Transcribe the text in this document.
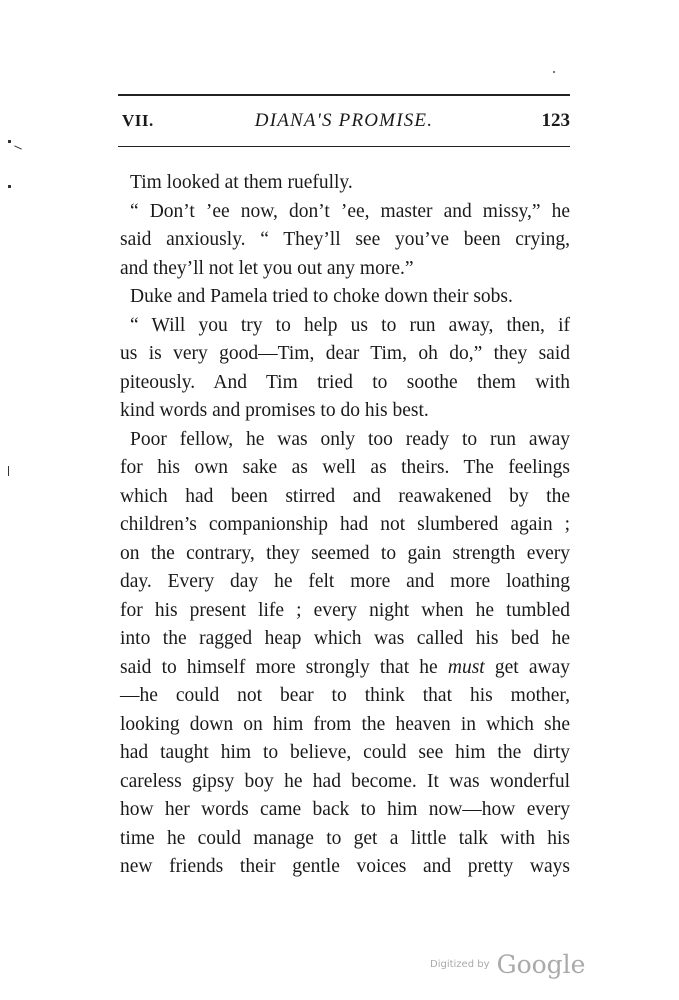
VII.	DIANA'S PROMISE.	123
Tim looked at them ruefully.
“ Don’t ’ee now, don’t ’ee, master and missy,” he
said anxiously. “ They’ll see you’ve been crying,
and they’ll not let you out any more.”
Duke and Pamela tried to choke down their sobs.
“ Will you try to help us to run away, then, if
us is very good—Tim, dear Tim, oh do,” they said
piteously. And Tim tried to soothe them with
kind words and promises to do his best.
Poor fellow, he was only too ready to run away
for his own sake as well as theirs. The feelings
which had been stirred and reawakened by the
children’s companionship had not slumbered again ;
on the contrary, they seemed to gain strength every
day. Every day he felt more and more loathing
for his present life ; every night when he tumbled
into the ragged heap which was called his bed he
said to himself more strongly that he must get away
—he could not bear to think that his mother,
looking down on him from the heaven in which she
had taught him to believe, could see him the dirty
careless gipsy boy he had become. It was wonderful
how her words came back to him now—how every
time he could manage to get a little talk with his
new friends their gentle voices and pretty ways
Digitized by Google
